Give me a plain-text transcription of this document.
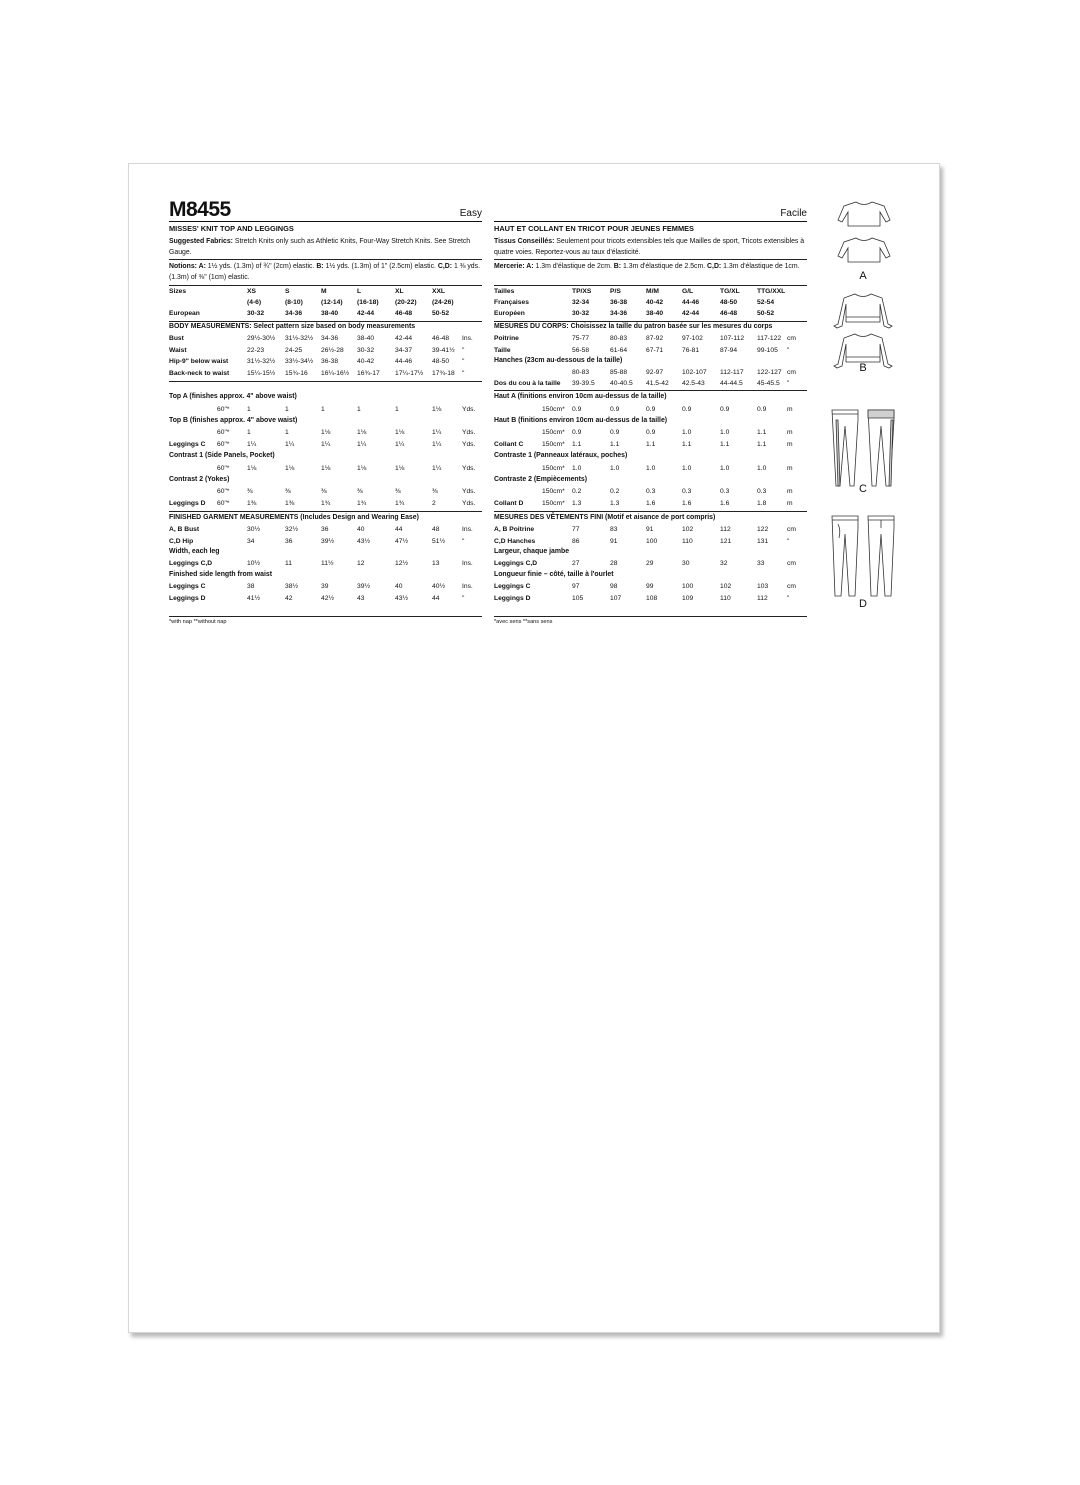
M8455	Easy
MISSES' KNIT TOP AND LEGGINGS
Suggested Fabrics: Stretch Knits only such as Athletic Knits, Four-Way Stretch Knits. See Stretch Gauge.
Notions: A: 1½ yds. (1.3m) of ¾" (2cm) elastic. B: 1½ yds. (1.3m) of 1" (2.5cm) elastic. C,D: 1 ⅜ yds. (1.3m) of ⅜" (1cm) elastic.
Sizes	XS	S	M	L	XL	XXL
(4-6)	(8-10)	(12-14) (16-18) (20-22) (24-26)
European	30-32	34-36	38-40	42-44	46-48	50-52
BODY MEASUREMENTS: Select pattern size based on body measurements
Bust	29½-30½ 31½-32½ 34-36	38-40	42-44	46-48 Ins.
Waist	22-23	24-25	26½-28 30-32	34-37	39-41½ "
Hip-9" below waist	31½-32½ 33½-34½ 36-38	40-42	44-46	48-50 "
Back-neck to waist	15¼-15½ 15¾-16 16¼-16½ 16¾-17 17¼-17½ 17¾-18 "
Top A (finishes approx. 4" above waist)
60"*	1	1	1	1	1	1⅛	Yds.
Top B (finishes approx. 4" above waist)
60"*	1	1	1⅛	1⅛	1⅛	1¼	Yds.
Leggings C 60"*	1¼	1¼	1¼	1¼	1¼	1¼	Yds.
Contrast 1 (Side Panels, Pocket)
60"*	1⅛	1⅛	1⅛	1⅛	1⅛	1¼	Yds.
Contrast 2 (Yokes)
60"*	⅜	⅜	⅜	⅜	⅜	⅜	Yds.
Leggings D 60"*	1⅜	1⅜	1¾	1¾	1¾	2	Yds.
FINISHED GARMENT MEASUREMENTS (Includes Design and Wearing Ease)
A, B Bust	30½	32½	36	40	44	48	Ins.
C,D Hip	34	36	39½	43½	47½	51½	"
Width, each leg
Leggings C,D	10½	11	11½	12	12½	13	Ins.
Finished side length from waist
Leggings C	38	38½	39	39½	40	40½	Ins.
Leggings D	41½	42	42½	43	43½	44	"
*with nap **without nap
Facile
HAUT ET COLLANT EN TRICOT POUR JEUNES FEMMES
Tissus Conseillés: Seulement pour tricots extensibles tels que Mailles de sport, Tricots extensibles à quatre voies. Reportez-vous au taux d'élasticité.
Mercerie: A: 1.3m d'élastique de 2cm. B: 1.3m d'élastique de 2.5cm. C,D: 1.3m d'élastique de 1cm.
Tailles	TP/XS	P/S	M/M	G/L	TG/XL	TTG/XXL
Françaises	32-34	36-38	40-42	44-46	48-50	52-54
Européen	30-32	34-36	38-40	42-44	46-48	50-52
MESURES DU CORPS: Choisissez la taille du patron basée sur les mesures du corps
Poitrine	75-77	80-83	87-92	97-102	107-112 117-122 cm
Taille	56-58	61-64	67-71	76-81	87-94	99-105 "
Hanches (23cm au-dessous de la taille)
80-83	85-88	92-97	102-107 112-117 122-127 cm
Dos du cou à la taille 39-39.5 40-40.5 41.5-42 42.5-43 44-44.5 45-45.5 "
Haut A (finitions environ 10cm au-dessus de la taille)
150cm* 0.9	0.9	0.9	0.9	0.9	0.9	m
Haut B (finitions environ 10cm au-dessus de la taille)
150cm* 0.9	0.9	0.9	1.0	1.0	1.1	m
Collant C	150cm* 1.1	1.1	1.1	1.1	1.1	1.1	m
Contraste 1 (Panneaux latéraux, poches)
150cm* 1.0	1.0	1.0	1.0	1.0	1.0	m
Contraste 2 (Empiècements)
150cm* 0.2	0.2	0.3	0.3	0.3	0.3	m
Collant D	150cm* 1.3	1.3	1.6	1.6	1.6	1.8	m
MESURES DES VÊTEMENTS FINI (Motif et aisance de port compris)
A, B Poitrine	77	83	91	102	112	122	cm
C,D Hanches	86	91	100	110	121	131	"
Largeur, chaque jambe
Leggings C,D	27	28	29	30	32	33	cm
Longueur finie – côté, taille à l'ourlet
Leggings C	97	98	99	100	102	103	cm
Leggings D	105	107	108	109	110	112	"
*avec sens **sans sens
A
B
C
D
